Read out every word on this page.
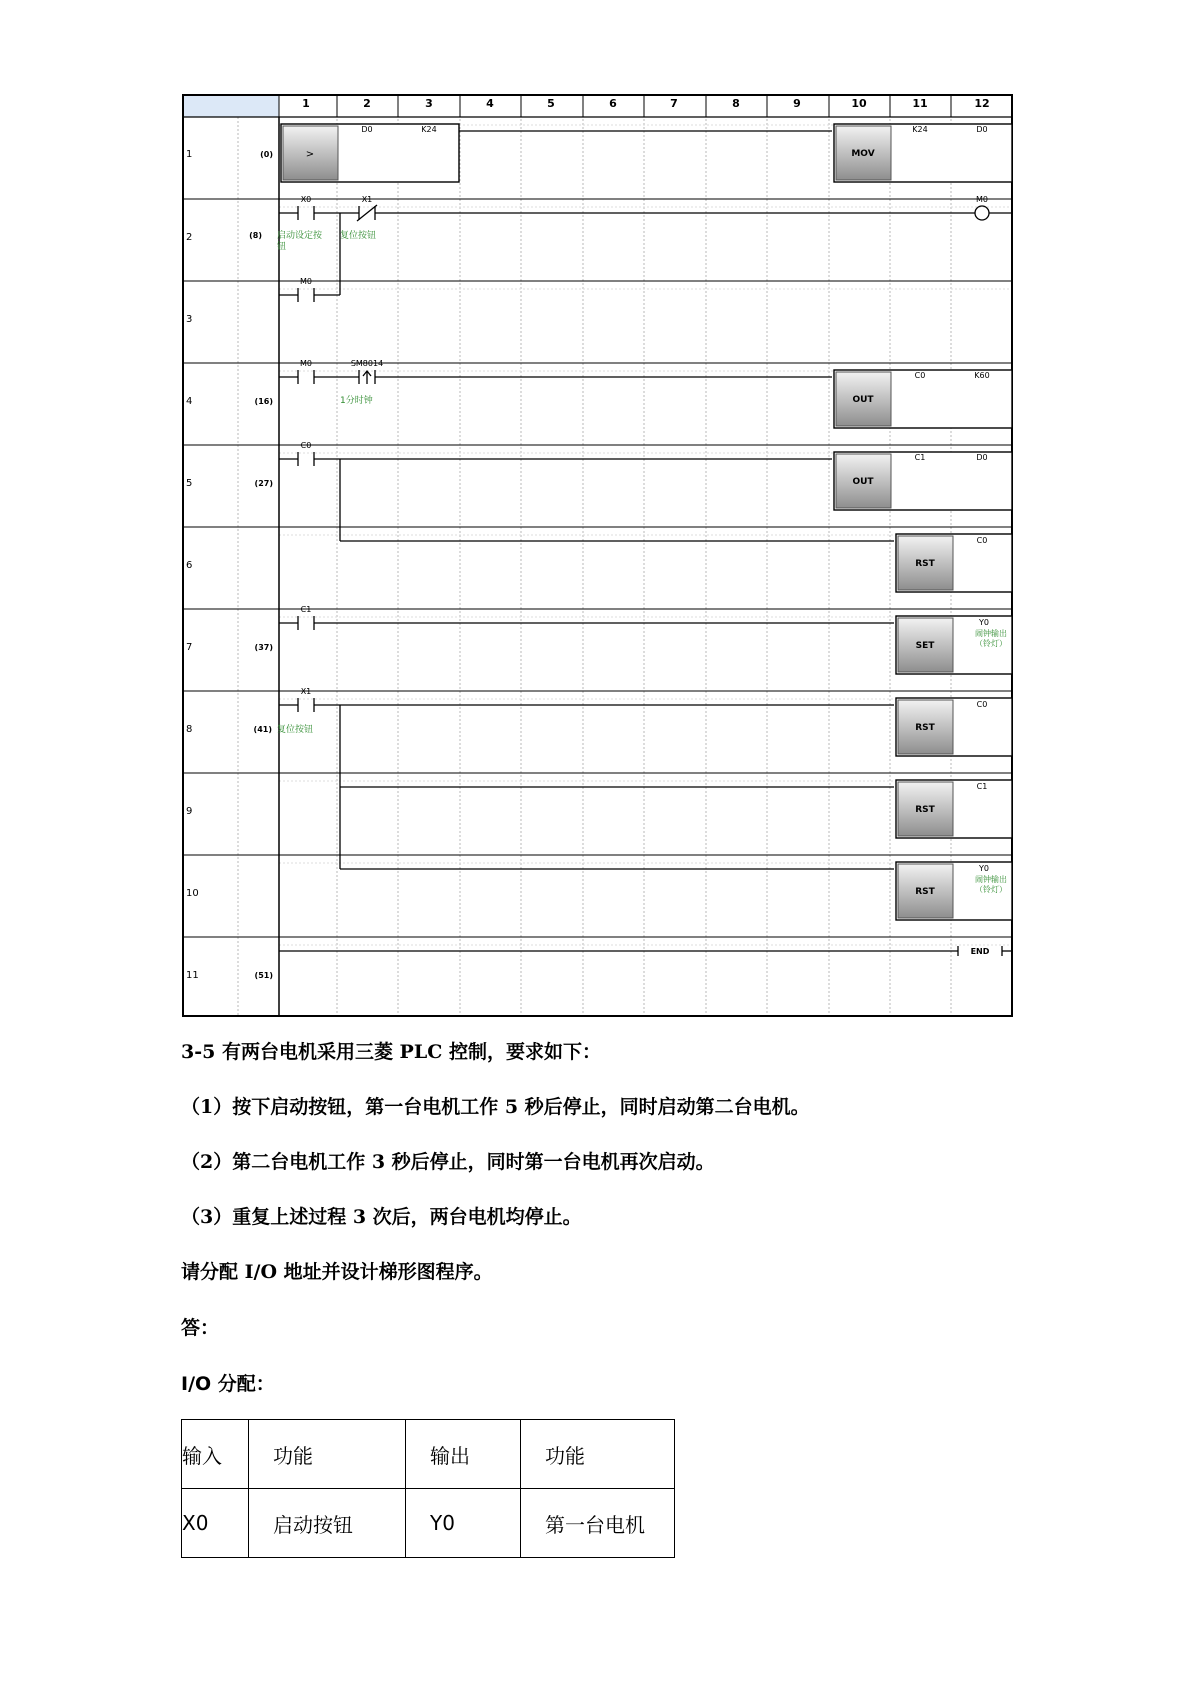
1	2	3	4	5	6	7	8	9	10	11	12
1
2
3
4
5
6
7
8
9
10
11
(0)
(8)
(16)
(27)
(37)
(41)
(51)
>
D0	K24
MOV
K24	D0
X0	X1	M0
启动设定按
钮
复位按钮
M0
M0	SM8014
1分时钟	OUT
C0	K60
C0
OUT
C1	D0
RST
C0
C1
SET
Y0
闹钟输出
（铃灯）
X1
复位按钮	RST
C0
RST
C1
RST
Y0
闹钟输出
（铃灯）
END
3-5 有两台电机采用三菱 PLC 控制，要求如下：
（1）按下启动按钮，第一台电机工作 5 秒后停止，同时启动第二台电机。
（2）第二台电机工作 3 秒后停止，同时第一台电机再次启动。
（3）重复上述过程 3 次后，两台电机均停止。
请分配 I/O 地址并设计梯形图程序。
答：
I/O 分配：
输入	功能	输出	功能
X0	启动按钮	Y0	第一台电机
